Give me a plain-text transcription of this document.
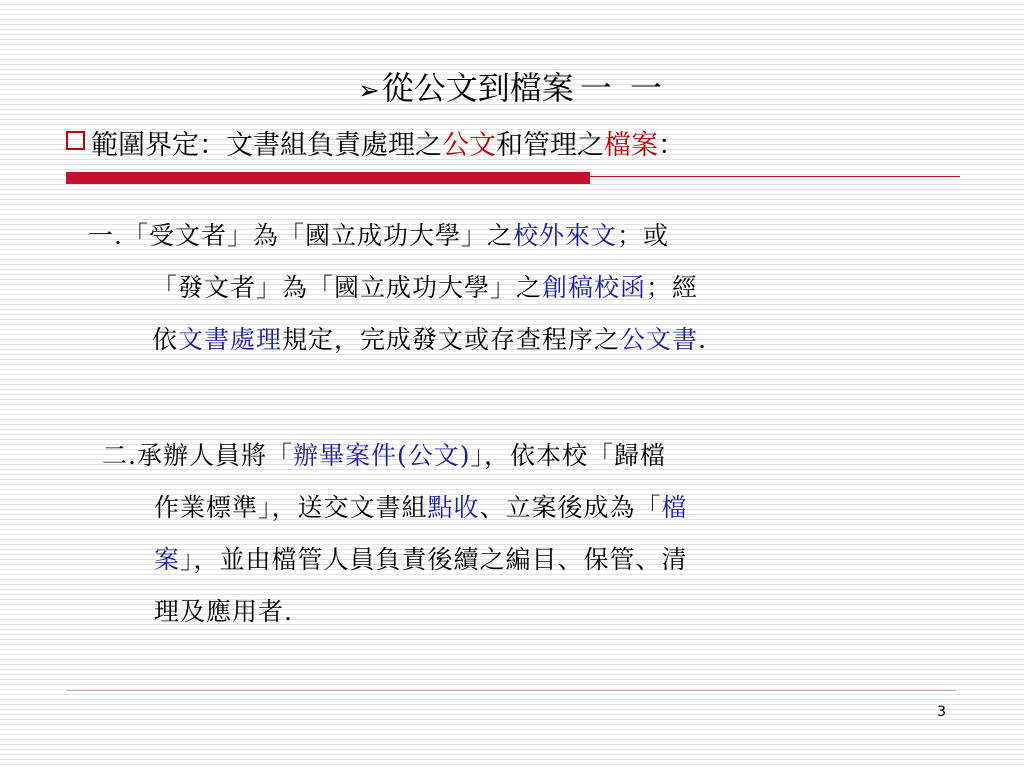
➢從公文到檔案 一 一
範圍界定：文書組負責處理之公文和管理之檔案：
一.「受文者」為「國立成功大學」之校外來文；或
「發文者」為「國立成功大學」之創稿校函；經
依文書處理規定，完成發文或存查程序之公文書.
二.承辦人員將「辦畢案件(公文)」，依本校「歸檔
作業標準」，送交文書組點收、立案後成為「檔
案」，並由檔管人員負責後續之編目、保管、清
理及應用者.
3
